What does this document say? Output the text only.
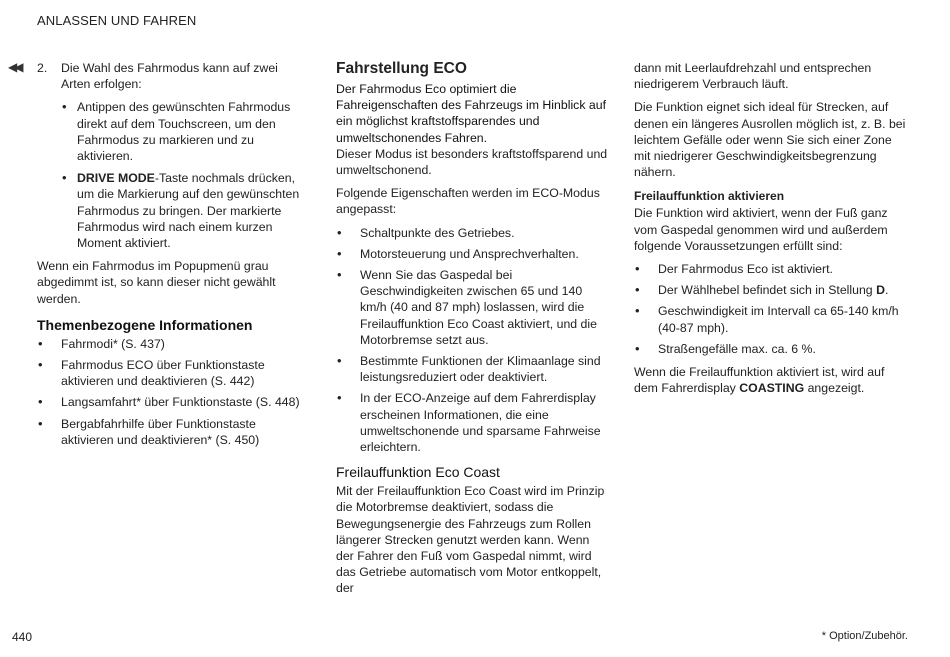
ANLASSEN UND FAHREN
◀◀ 2. Die Wahl des Fahrmodus kann auf zwei Arten erfolgen:
• Antippen des gewünschten Fahrmodus direkt auf dem Touchscreen, um den Fahrmodus zu markieren und zu aktivieren.
• DRIVE MODE-Taste nochmals drücken, um die Markierung auf den gewünschten Fahrmodus zu bringen. Der markierte Fahrmodus wird nach einem kurzen Moment aktiviert.

Wenn ein Fahrmodus im Popupmenü grau abgedimmt ist, so kann dieser nicht gewählt werden.

Themenbezogene Informationen
• Fahrmodi* (S. 437)
• Fahrmodus ECO über Funktionstaste aktivieren und deaktivieren (S. 442)
• Langsamfahrt* über Funktionstaste (S. 448)
• Bergabfahrhilfe über Funktionstaste aktivieren und deaktivieren* (S. 450)
Fahrstellung ECO

Der Fahrmodus Eco optimiert die Fahreigenschaften des Fahrzeugs im Hinblick auf ein möglichst kraftstoffsparendes und umweltschonendes Fahren.

Dieser Modus ist besonders kraftstoffsparend und umweltschonend.

Folgende Eigenschaften werden im ECO-Modus angepasst:

• Schaltpunkte des Getriebes.
• Motorsteuerung und Ansprechverhalten.
• Wenn Sie das Gaspedal bei Geschwindigkeiten zwischen 65 und 140 km/h (40 and 87 mph) loslassen, wird die Freilauffunktion Eco Coast aktiviert, und die Motorbremse setzt aus.
• Bestimmte Funktionen der Klimaanlage sind leistungsreduziert oder deaktiviert.
• In der ECO-Anzeige auf dem Fahrerdisplay erscheinen Informationen, die eine umweltschonende und sparsame Fahrweise erleichtern.
Freilauffunktion Eco Coast

Mit der Freilauffunktion Eco Coast wird im Prinzip die Motorbremse deaktiviert, sodass die Bewegungsenergie des Fahrzeugs zum Rollen längerer Strecken genutzt werden kann. Wenn der Fahrer den Fuß vom Gaspedal nimmt, wird das Getriebe automatisch vom Motor entkoppelt, der

dann mit Leerlaufdrehzahl und entsprechen niedrigerem Verbrauch läuft.

Die Funktion eignet sich ideal für Strecken, auf denen ein längeres Ausrollen möglich ist, z. B. bei leichtem Gefälle oder wenn Sie sich einer Zone mit niedrigerer Geschwindigkeitsbegrenzung nähern.

Freilauffunktion aktivieren

Die Funktion wird aktiviert, wenn der Fuß ganz vom Gaspedal genommen wird und außerdem folgende Voraussetzungen erfüllt sind:

• Der Fahrmodus Eco ist aktiviert.
• Der Wählhebel befindet sich in Stellung D.
• Geschwindigkeit im Intervall ca 65-140 km/h (40-87 mph).
• Straßengefälle max. ca. 6 %.

Wenn die Freilauffunktion aktiviert ist, wird auf dem Fahrerdisplay COASTING angezeigt.

440	* Option/Zubehör.
